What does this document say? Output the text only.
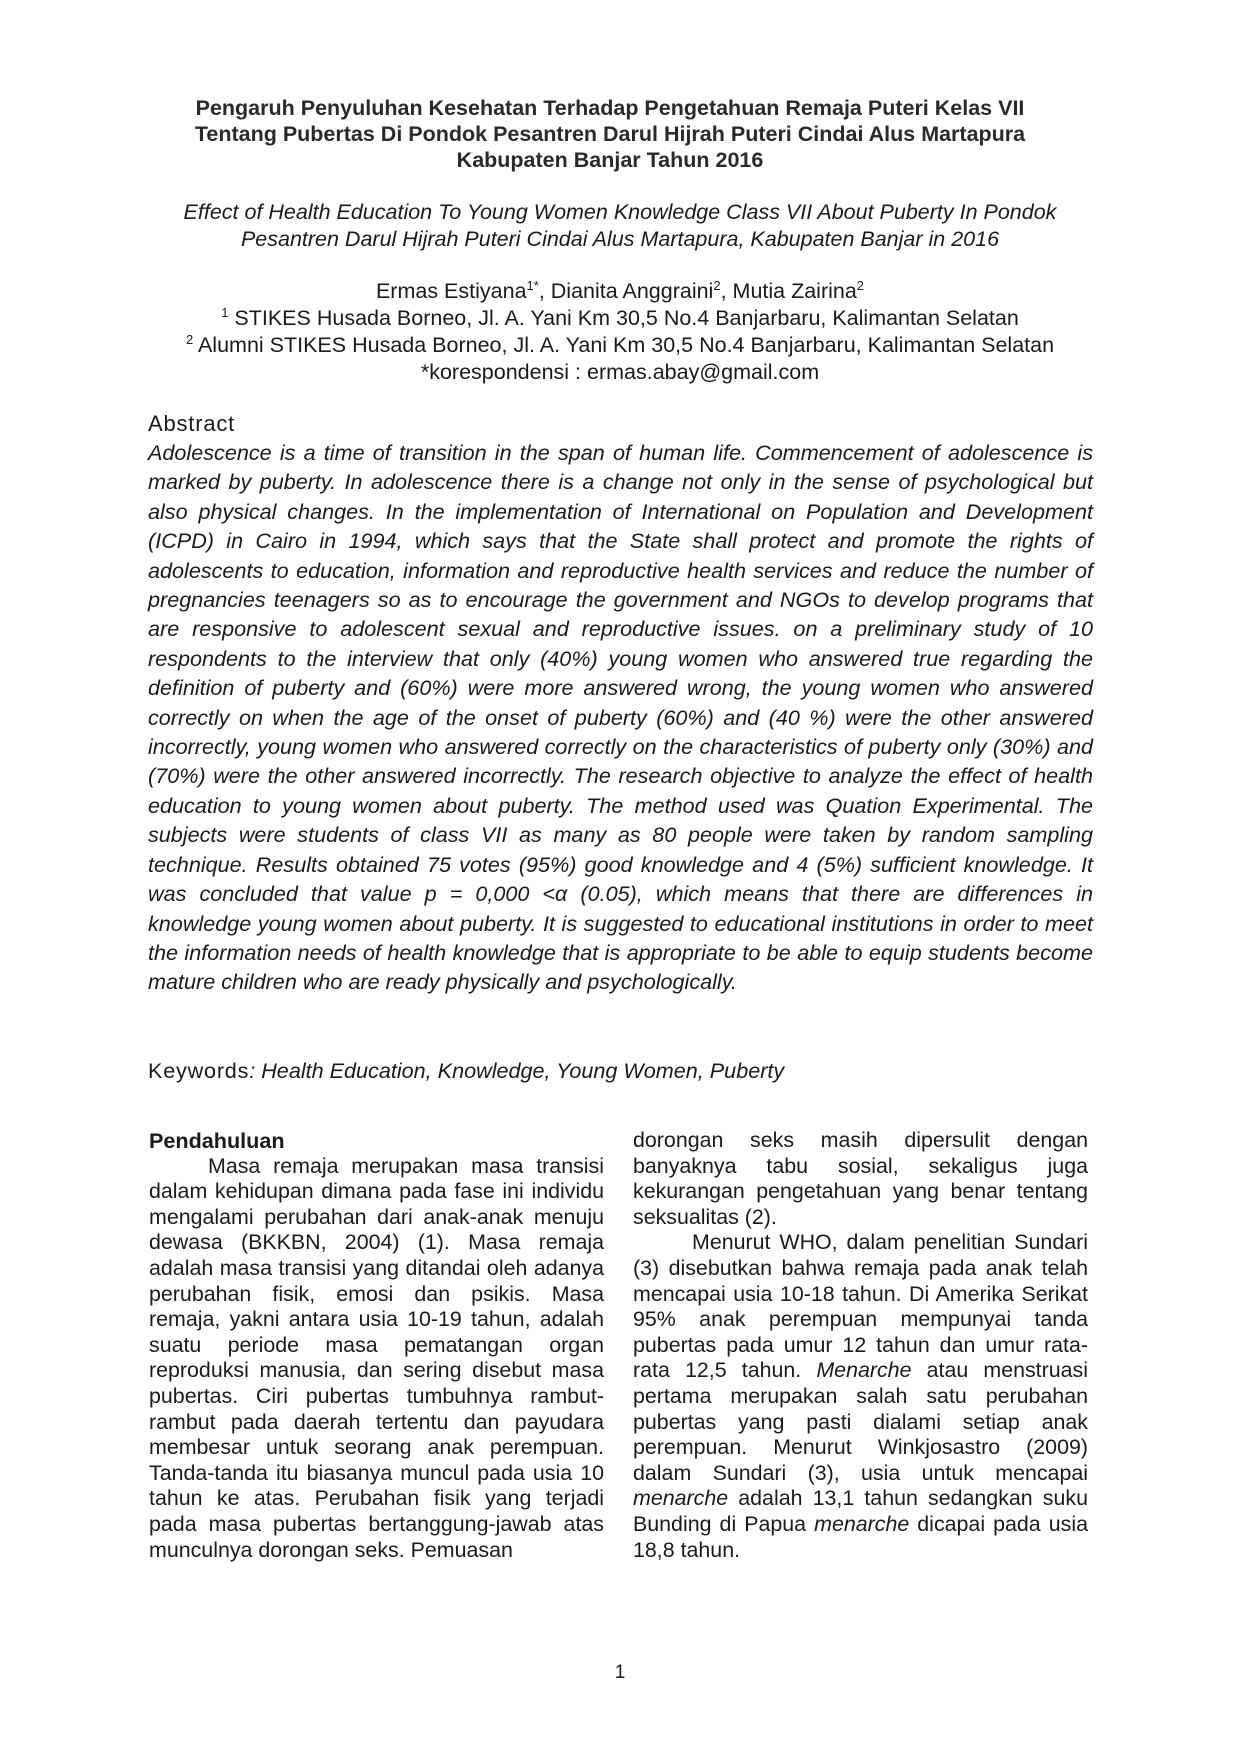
Pengaruh Penyuluhan Kesehatan Terhadap Pengetahuan Remaja Puteri Kelas VII
Tentang Pubertas Di Pondok Pesantren Darul Hijrah Puteri Cindai Alus Martapura
Kabupaten Banjar Tahun 2016
Effect of Health Education To Young Women Knowledge Class VII About Puberty In Pondok
Pesantren Darul Hijrah Puteri Cindai Alus Martapura, Kabupaten Banjar in 2016
Ermas Estiyana$^{1*}$, Dianita Anggraini$^2$, Mutia Zairina$^2$
$^1$ STIKES Husada Borneo, Jl. A. Yani Km 30,5 No.4 Banjarbaru, Kalimantan Selatan
$^2$ Alumni STIKES Husada Borneo, Jl. A. Yani Km 30,5 No.4 Banjarbaru, Kalimantan Selatan
*korespondensi : ermas.abay@gmail.com
Abstract
Adolescence is a time of transition in the span of human life. Commencement of adolescence is marked by puberty. In adolescence there is a change not only in the sense of psychological but also physical changes. In the implementation of International on Population and Development (ICPD) in Cairo in 1994, which says that the State shall protect and promote the rights of adolescents to education, information and reproductive health services and reduce the number of pregnancies teenagers so as to encourage the government and NGOs to develop programs that are responsive to adolescent sexual and reproductive issues. on a preliminary study of 10 respondents to the interview that only (40%) young women who answered true regarding the definition of puberty and (60%) were more answered wrong, the young women who answered correctly on when the age of the onset of puberty (60%) and (40 %) were the other answered incorrectly, young women who answered correctly on the characteristics of puberty only (30%) and (70%) were the other answered incorrectly. The research objective to analyze the effect of health education to young women about puberty. The method used was Quation Experimental. The subjects were students of class VII as many as 80 people were taken by random sampling technique. Results obtained 75 votes (95%) good knowledge and 4 (5%) sufficient knowledge. It was concluded that value p = 0,000 <α (0.05), which means that there are differences in knowledge young women about puberty. It is suggested to educational institutions in order to meet the information needs of health knowledge that is appropriate to be able to equip students become mature children who are ready physically and psychologically.
Keywords: Health Education, Knowledge, Young Women, Puberty

Pendahuluan

Masa remaja merupakan masa transisi dalam kehidupan dimana pada fase ini individu mengalami perubahan dari anak-anak menuju dewasa (BKKBN, 2004) (1). Masa remaja adalah masa transisi yang ditandai oleh adanya perubahan fisik, emosi dan psikis. Masa remaja, yakni antara usia 10-19 tahun, adalah suatu periode masa pematangan organ reproduksi manusia, dan sering disebut masa pubertas. Ciri pubertas tumbuhnya rambut-rambut pada daerah tertentu dan payudara membesar untuk seorang anak perempuan. Tanda-tanda itu biasanya muncul pada usia 10 tahun ke atas. Perubahan fisik yang terjadi pada masa pubertas bertanggung-jawab atas munculnya dorongan seks. Pemuasan

dorongan seks masih dipersulit dengan banyaknya tabu sosial, sekaligus juga kekurangan pengetahuan yang benar tentang seksualitas (2).

Menurut WHO, dalam penelitian Sundari (3) disebutkan bahwa remaja pada anak telah mencapai usia 10-18 tahun. Di Amerika Serikat 95% anak perempuan mempunyai tanda pubertas pada umur 12 tahun dan umur rata-rata 12,5 tahun. Menarche atau menstruasi pertama merupakan salah satu perubahan pubertas yang pasti dialami setiap anak perempuan. Menurut Winkjosastro (2009) dalam Sundari (3), usia untuk mencapai menarche adalah 13,1 tahun sedangkan suku Bunding di Papua menarche dicapai pada usia 18,8 tahun.

1
